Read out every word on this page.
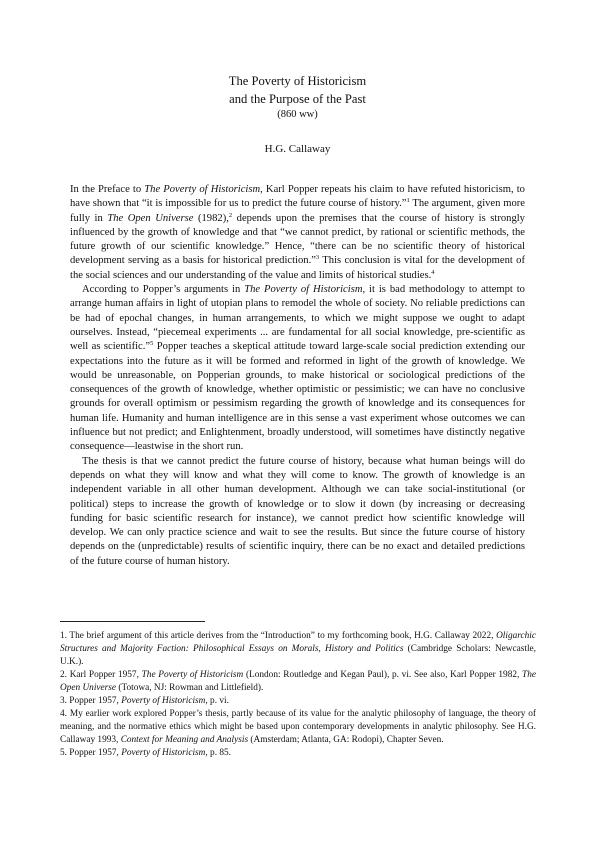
The Poverty of Historicism
and the Purpose of the Past
(860 ww)
H.G. Callaway

In the Preface to The Poverty of Historicism, Karl Popper repeats his claim to have refuted historicism, to have shown that “it is impossible for us to predict the future course of history.”$^1$ The argument, given more fully in The Open Universe (1982),$^2$ depends upon the premises that the course of history is strongly influenced by the growth of knowledge and that “we cannot predict, by rational or scientific methods, the future growth of our scientific knowledge.” Hence, “there can be no scientific theory of historical development serving as a basis for historical prediction.”$^3$ This conclusion is vital for the development of the social sciences and our understanding of the value and limits of historical studies.$^4$

According to Popper’s arguments in The Poverty of Historicism, it is bad methodology to attempt to arrange human affairs in light of utopian plans to remodel the whole of society. No reliable predictions can be had of epochal changes, in human arrangements, to which we might suppose we ought to adapt ourselves. Instead, “piecemeal experiments ... are fundamental for all social knowledge, pre-scientific as well as scientific.”$^5$ Popper teaches a skeptical attitude toward large-scale social prediction extending our expectations into the future as it will be formed and reformed in light of the growth of knowledge. We would be unreasonable, on Popperian grounds, to make historical or sociological predictions of the consequences of the growth of knowledge, whether optimistic or pessimistic; we can have no conclusive grounds for overall optimism or pessimism regarding the growth of knowledge and its consequences for human life. Humanity and human intelligence are in this sense a vast experiment whose outcomes we can influence but not predict; and Enlightenment, broadly understood, will sometimes have distinctly negative consequence—leastwise in the short run.

The thesis is that we cannot predict the future course of history, because what human beings will do depends on what they will know and what they will come to know. The growth of knowledge is an independent variable in all other human development. Although we can take social-institutional (or political) steps to increase the growth of knowledge or to slow it down (by increasing or decreasing funding for basic scientific research for instance), we cannot predict how scientific knowledge will develop. We can only practice science and wait to see the results. But since the future course of history depends on the (unpredictable) results of scientific inquiry, there can be no exact and detailed predictions of the future course of human history.

1. The brief argument of this article derives from the “Introduction” to my forthcoming book, H.G. Callaway 2022, Oligarchic Structures and Majority Faction: Philosophical Essays on Morals, History and Politics (Cambridge Scholars: Newcastle, U.K.).

2. Karl Popper 1957, The Poverty of Historicism (London: Routledge and Kegan Paul), p. vi. See also, Karl Popper 1982, The Open Universe (Totowa, NJ: Rowman and Littlefield).

3. Popper 1957, Poverty of Historicism, p. vi.

4. My earlier work explored Popper’s thesis, partly because of its value for the analytic philosophy of language, the theory of meaning, and the normative ethics which might be based upon contemporary developments in analytic philosophy. See H.G. Callaway 1993, Context for Meaning and Analysis (Amsterdam; Atlanta, GA: Rodopi), Chapter Seven.

5. Popper 1957, Poverty of Historicism, p. 85.
